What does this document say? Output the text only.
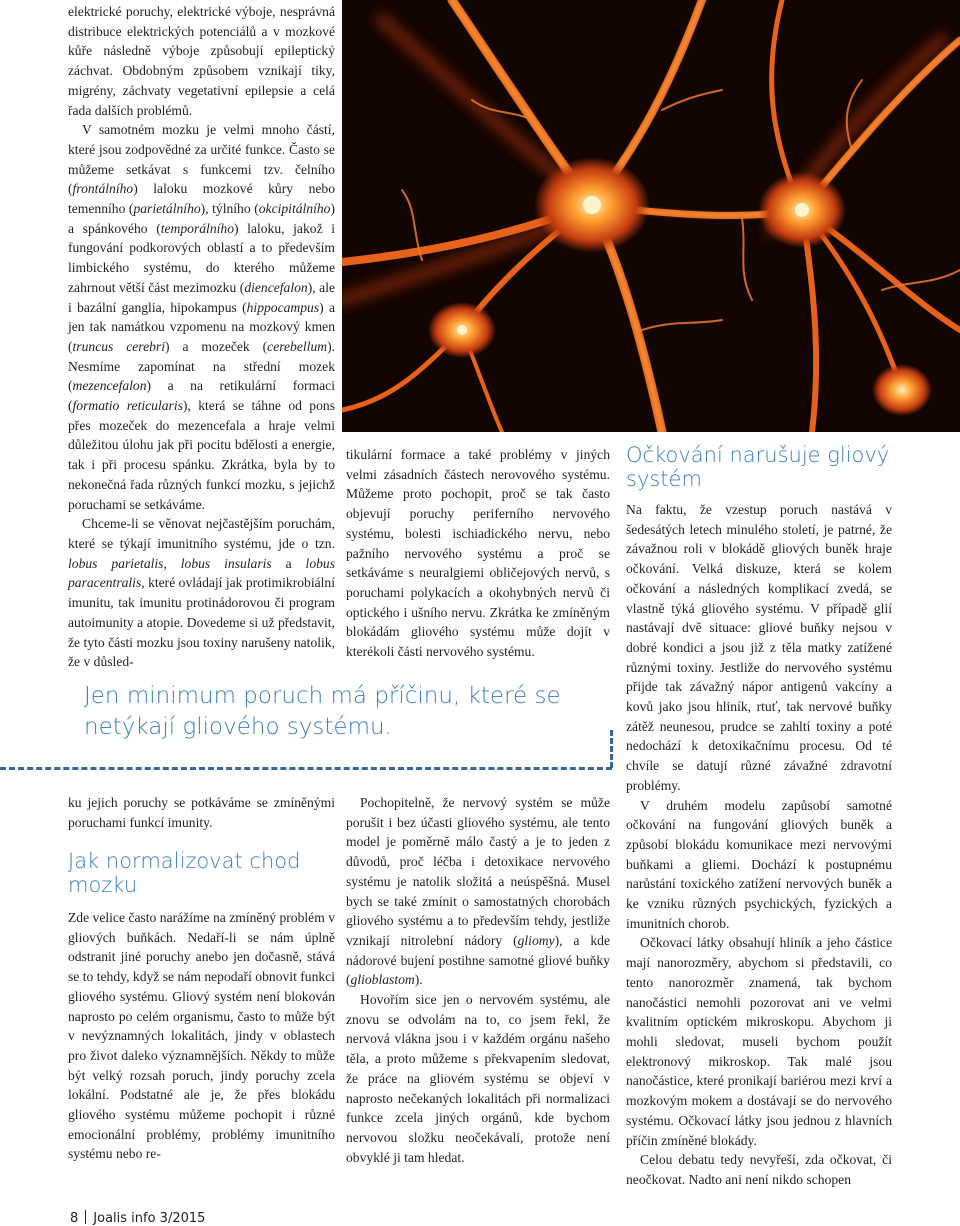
elektrické poruchy, elektrické výboje, nesprávná distribuce elektrických potenciálů a v mozkové kůře následně výboje způsobují epileptický záchvat. Obdobným způsobem vznikají tiky, migrény, záchvaty vegetativní epilepsie a celá řada dalších problémů.

V samotném mozku je velmi mnoho částí, které jsou zodpovědné za určité funkce. Často se můžeme setkávat s funkcemi tzv. čelního (frontálního) laloku mozkové kůry nebo temenního (parietálního), týlního (okcipitálního) a spánkového (temporálního) laloku, jakož i fungování podkorových oblastí a to především limbického systému, do kterého můžeme zahrnout větší část mezimozku (diencefalon), ale i bazální ganglia, hipokampus (hippocampus) a jen tak namátkou vzpomenu na mozkový kmen (truncus cerebri) a mozeček (cerebellum). Nesmíme zapomínat na střední mozek (mezencefalon) a na retikulární formaci (formatio reticularis), která se táhne od pons přes mozeček do mezencefala a hraje velmi důležitou úlohu jak při pocitu bdělosti a energie, tak i při procesu spánku. Zkrátka, byla by to nekonečná řada různých funkcí mozku, s jejichž poruchami se setkáváme.

Chceme-li se věnovat nejčastějším poruchám, které se týkají imunitního systému, jde o tzn. lobus parietalis, lobus insularis a lobus paracentralis, které ovládají jak protimikrobiální imunitu, tak imunitu protinádorovou či program autoimunity a atopie. Dovedeme si už představit, že tyto části mozku jsou toxiny narušeny natolik, že v důsled-

tikulární formace a také problémy v jiných velmi zásadních částech nerovového systému. Můžeme proto pochopit, proč se tak často objevují poruchy periferního nervového systému, bolesti ischiadického nervu, nebo pažního nervového systému a proč se setkáváme s neuralgiemi obličejových nervů, s poruchami polykacích a okohybných nervů či optického i ušního nervu. Zkrátka ke zmíněným blokádám gliového systému může dojít v kterékoli části nervového systému.

Jen minimum poruch má příčinu, které se netýkají gliového systému.

ku jejich poruchy se potkáváme se zmíněnými poruchami funkcí imunity.

Jak normalizovat chod mozku

Zde velice často narážíme na zmíněný problém v gliových buňkách. Nedaří-li se nám úplně odstranit jiné poruchy anebo jen dočasně, stává se to tehdy, když se nám nepodaří obnovit funkci gliového systému. Gliový systém není blokován naprosto po celém organismu, často to může být v nevýznamných lokalitách, jindy v oblastech pro život daleko významnějších. Někdy to může být velký rozsah poruch, jindy poruchy zcela lokální. Podstatné ale je, že přes blokádu gliového systému můžeme pochopit i různé emocionální problémy, problémy imunitního systému nebo re-

Pochopitelně, že nervový systém se může porušit i bez účasti gliového systému, ale tento model je poměrně málo častý a je to jeden z důvodů, proč léčba i detoxikace nervového systému je natolik složitá a neúspěšná. Musel bych se také zmínit o samostatných chorobách gliového systému a to především tehdy, jestliže vznikají nitrolební nádory (gliomy), a kde nádorové bujení postihne samotné gliové buňky (glioblastom).

Hovořím sice jen o nervovém systému, ale znovu se odvolám na to, co jsem řekl, že nervová vlákna jsou i v každém orgánu našeho těla, a proto můžeme s překvapením sledovat, že práce na gliovém systému se objeví v naprosto nečekaných lokalitách při normalizaci funkce zcela jiných orgánů, kde bychom nervovou složku neočekávali, protože není obvyklé ji tam hledat.

Očkování narušuje gliový systém

Na faktu, že vzestup poruch nastává v šedesátých letech minulého století, je patrné, že závažnou roli v blokádě gliových buněk hraje očkování. Velká diskuze, která se kolem očkování a následných komplikací zvedá, se vlastně týká gliového systému. V případě glií nastávají dvě situace: gliové buňky nejsou v dobré kondici a jsou již z těla matky zatížené různými toxiny. Jestliže do nervového systému přijde tak závažný nápor antigenů vakcíny a kovů jako jsou hliník, rtuť, tak nervové buňky zátěž neunesou, prudce se zahltí toxiny a poté nedochází k detoxikačnímu procesu. Od té chvíle se datují různé závažné zdravotní problémy.

V druhém modelu zapůsobí samotné očkování na fungování gliových buněk a způsobí blokádu komunikace mezi nervovými buňkami a gliemi. Dochází k postupnému narůstání toxického zatížení nervových buněk a ke vzniku různých psychických, fyzických a imunitních chorob.

Očkovací látky obsahují hliník a jeho částice mají nanorozměry, abychom si představili, co tento nanorozměr znamená, tak bychom nanočástici nemohli pozorovat ani ve velmi kvalitním optickém mikroskopu. Abychom ji mohli sledovat, museli bychom použít elektronový mikroskop. Tak malé jsou nanočástice, které pronikají bariérou mezi krví a mozkovým mokem a dostávají se do nervového systému. Očkovací látky jsou jednou z hlavních příčin zmíněné blokády.

Celou debatu tedy nevyřeší, zda očkovat, či neočkovat. Nadto ani není nikdo schopen

8 Joalis info 3/2015
